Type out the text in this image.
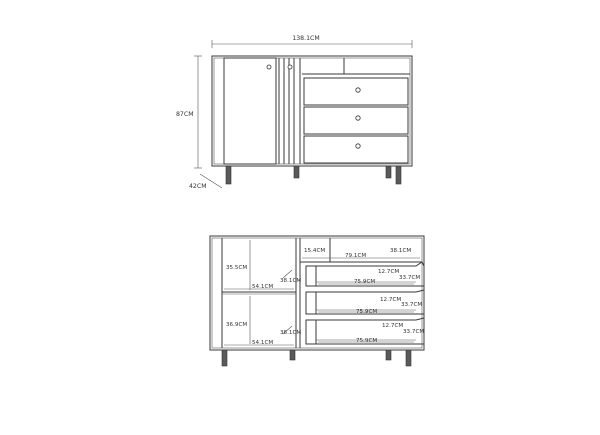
138.1CM
87CM
42CM
35.5CM
38.1CM
54.1CM
36.9CM
38.1CM
54.1CM
15.4CM
79.1CM
38.1CM
12.7CM
33.7CM
75.9CM
12.7CM
33.7CM
75.9CM
12.7CM
33.7CM
75.9CM
